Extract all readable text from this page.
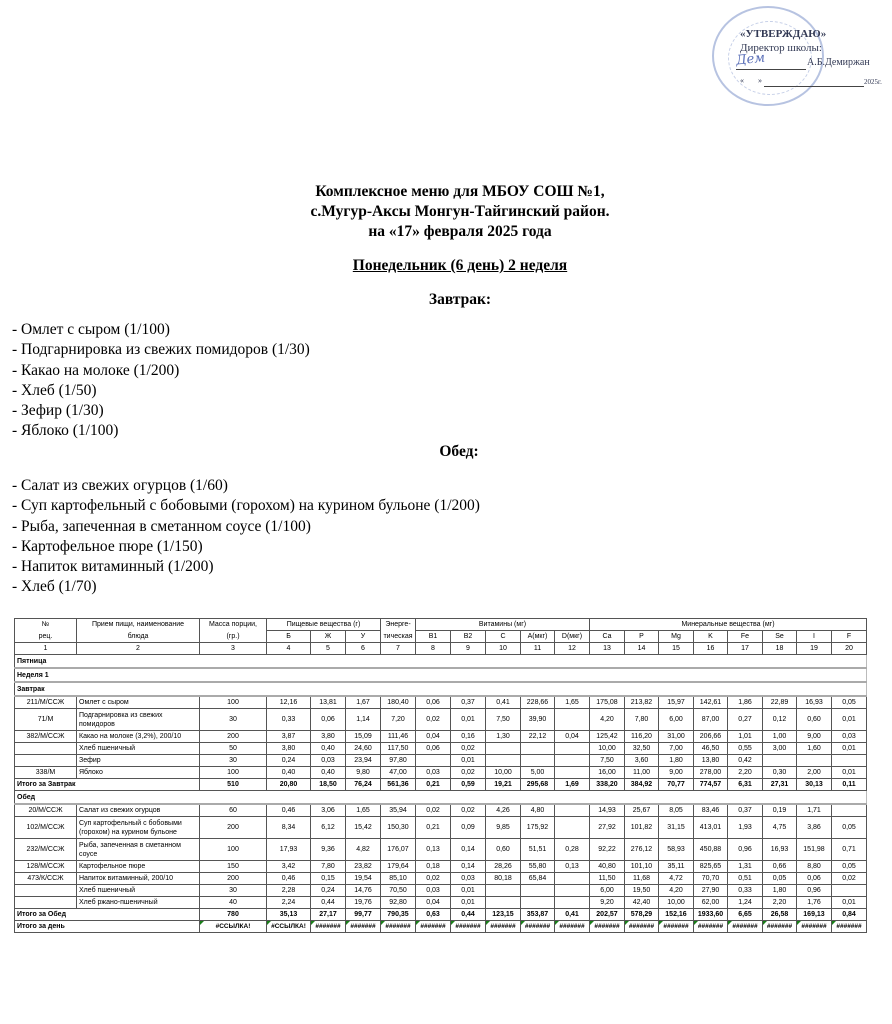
«УТВЕРЖДАЮ»
Директор школы:
Дем	А.Б.Демиржан
« »	2025г.
Комплексное меню для МБОУ СОШ №1,
с.Мугур-Аксы Монгун-Тайгинский район.
на «17» февраля 2025 года
Понедельник (6 день) 2 неделя
Завтрак:
- Омлет с сыром (1/100)
- Подгарнировка из свежих помидоров (1/30)
- Какао на молоке (1/200)
- Хлеб (1/50)
- Зефир (1/30)
- Яблоко (1/100)
Обед:
- Салат из свежих огурцов (1/60)
- Суп картофельный с бобовыми (горохом) на курином бульоне (1/200)
- Рыба, запеченная в сметанном соусе (1/100)
- Картофельное пюре (1/150)
- Напиток витаминный (1/200)
- Хлеб (1/70)
№	Прием пищи, наименование	Масса порции,	Пищевые вещества (г)			Энерге-	Витамины (мг)					Минеральные вещества (мг)							
рец.	блюда	(гр.)	Б	Ж	У	тическая	B1	B2	C	A(мкг)	D(мкг)	Ca	P	Mg	K	Fe	Se	I	F
1	2	3	4	5	6	7	8	9	10	11	12	13	14	15	16	17	18	19	20
Пятница																			
Неделя 1																			
Завтрак																			
211/М/ССЖ	Омлет с сыром	100	12,16	13,81	1,67	180,40	0,06	0,37	0,41	228,66	1,65	175,08	213,82	15,97	142,61	1,86	22,89	16,93	0,05
71/М	Подгарнировка из свежих помидоров	30	0,33	0,06	1,14	7,20	0,02	0,01	7,50	39,90		4,20	7,80	6,00	87,00	0,27	0,12	0,60	0,01
382/М/ССЖ	Какао на молоке (3,2%), 200/10	200	3,87	3,80	15,09	111,46	0,04	0,16	1,30	22,12	0,04	125,42	116,20	31,00	206,66	1,01	1,00	9,00	0,03
	Хлеб пшеничный	50	3,80	0,40	24,60	117,50	0,06	0,02				10,00	32,50	7,00	46,50	0,55	3,00	1,60	0,01
	Зефир	30	0,24	0,03	23,94	97,80		0,01				7,50	3,60	1,80	13,80	0,42			
338/М	Яблоко	100	0,40	0,40	9,80	47,00	0,03	0,02	10,00	5,00		16,00	11,00	9,00	278,00	2,20	0,30	2,00	0,01
Итого за Завтрак		510	20,80	18,50	76,24	561,36	0,21	0,59	19,21	295,68	1,69	338,20	384,92	70,77	774,57	6,31	27,31	30,13	0,11
Обед																			
20/М/ССЖ	Салат из свежих огурцов	60	0,46	3,06	1,65	35,94	0,02	0,02	4,26	4,80		14,93	25,67	8,05	83,46	0,37	0,19	1,71	
102/М/ССЖ	Суп картофельный с бобовыми (горохом) на курином бульоне	200	8,34	6,12	15,42	150,30	0,21	0,09	9,85	175,92		27,92	101,82	31,15	413,01	1,93	4,75	3,86	0,05
232/М/ССЖ	Рыба, запеченная в сметанном соусе	100	17,93	9,36	4,82	176,07	0,13	0,14	0,60	51,51	0,28	92,22	276,12	58,93	450,88	0,96	16,93	151,98	0,71
128/М/ССЖ	Картофельное пюре	150	3,42	7,80	23,82	179,64	0,18	0,14	28,26	55,80	0,13	40,80	101,10	35,11	825,65	1,31	0,66	8,80	0,05
473/К/ССЖ	Напиток витаминный, 200/10	200	0,46	0,15	19,54	85,10	0,02	0,03	80,18	65,84		11,50	11,68	4,72	70,70	0,51	0,05	0,06	0,02
	Хлеб пшеничный	30	2,28	0,24	14,76	70,50	0,03	0,01				6,00	19,50	4,20	27,90	0,33	1,80	0,96	
	Хлеб ржано-пшеничный	40	2,24	0,44	19,76	92,80	0,04	0,01				9,20	42,40	10,00	62,00	1,24	2,20	1,76	0,01
Итого за Обед		780	35,13	27,17	99,77	790,35	0,63	0,44	123,15	353,87	0,41	202,57	578,29	152,16	1933,60	6,65	26,58	169,13	0,84
Итого за день		#ССЫЛКА!	#ССЫЛКА!	#######	#######	#######	#######	#######	#######	#######	#######	#######	#######	#######	#######	#######	#######	#######	#######
